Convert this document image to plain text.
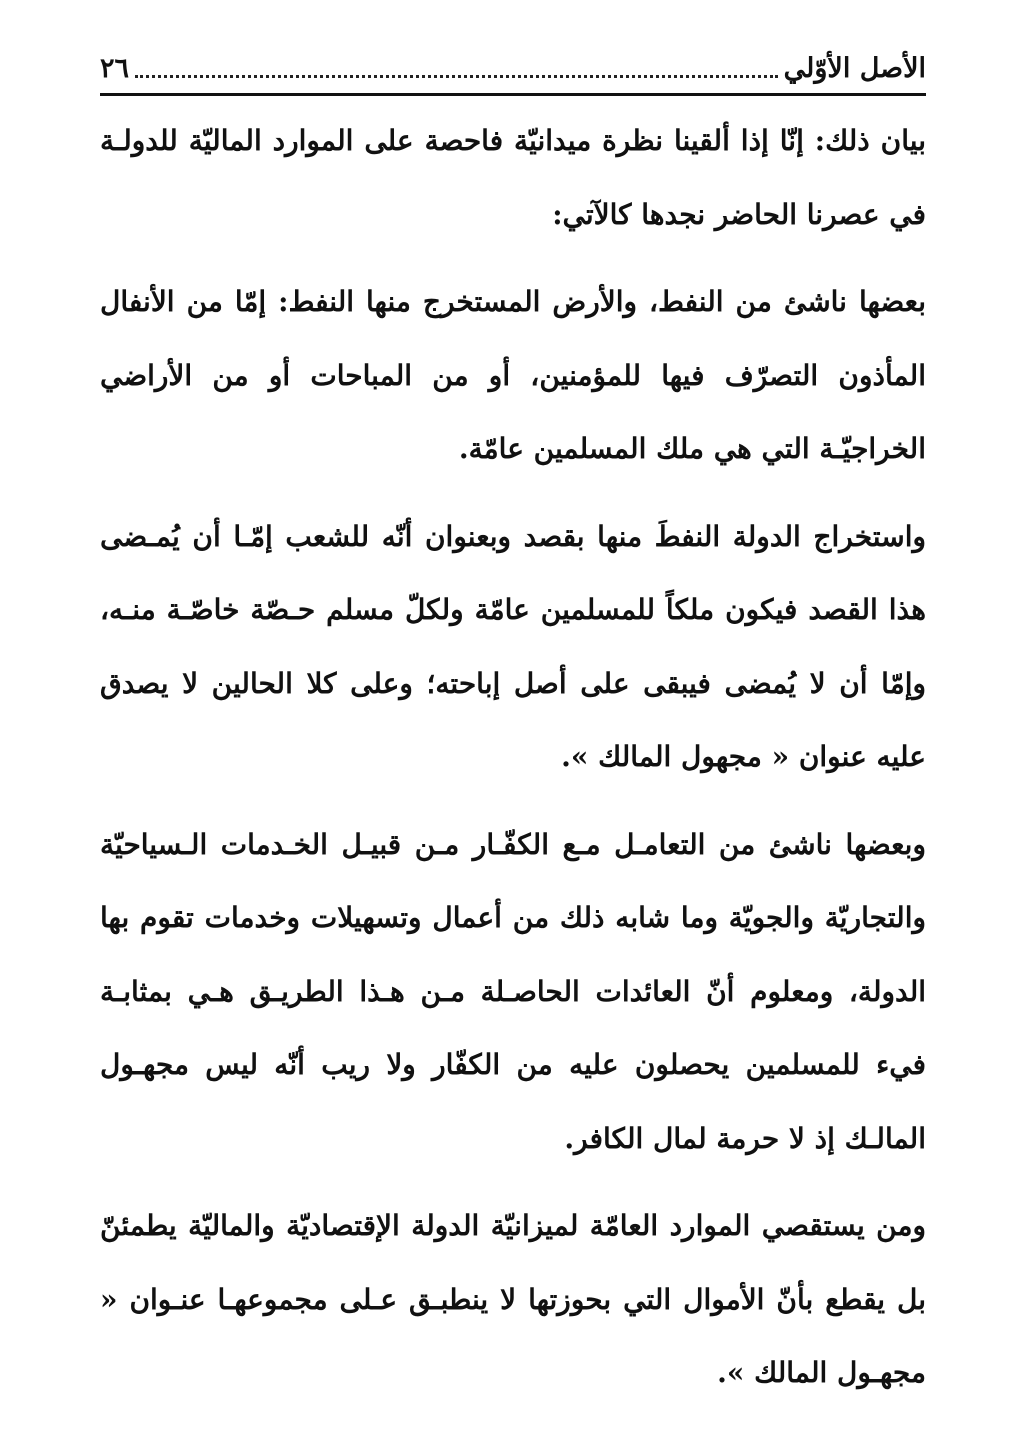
الأصل الأوّلي
٢٦

بيان ذلك: إنّا إذا ألقينا نظرة ميدانيّة فاحصة على الموارد الماليّة للدولـة في عصرنا الحاضر نجدها كالآتي:

بعضها ناشئ من النفط، والأرض المستخرج منها النفط: إمّا من الأنفال المأذون التصرّف فيها للمؤمنين، أو من المباحات أو من الأراضي الخراجيّـة التي هي ملك المسلمين عامّة.

واستخراج الدولة النفطَ منها بقصد وبعنوان أنّه للشعب إمّـا أن يُمـضى هذا القصد فيكون ملكاً للمسلمين عامّة ولكلّ مسلم حـصّة خاصّـة منـه، وإمّا أن لا يُمضى فيبقى على أصل إباحته؛ وعلى كلا الحالين لا يصدق عليه عنوان « مجهول المالك ».

وبعضها ناشئ من التعامـل مـع الكفّـار مـن قبيـل الخـدمات الـسياحيّة والتجاريّة والجويّة وما شابه ذلك من أعمال وتسهيلات وخدمات تقوم بها الدولة، ومعلوم أنّ العائدات الحاصـلة مـن هـذا الطريـق هـي بمثابـة فيء للمسلمين يحصلون عليه من الكفّار ولا ريب أنّه ليس مجهـول المالـك إذ لا حرمة لمال الكافر.

ومن يستقصي الموارد العامّة لميزانيّة الدولة الإقتصاديّة والماليّة يطمئنّ بل يقطع بأنّ الأموال التي بحوزتها لا ينطبـق عـلى مجموعهـا عنـوان « مجهـول المالك ».
